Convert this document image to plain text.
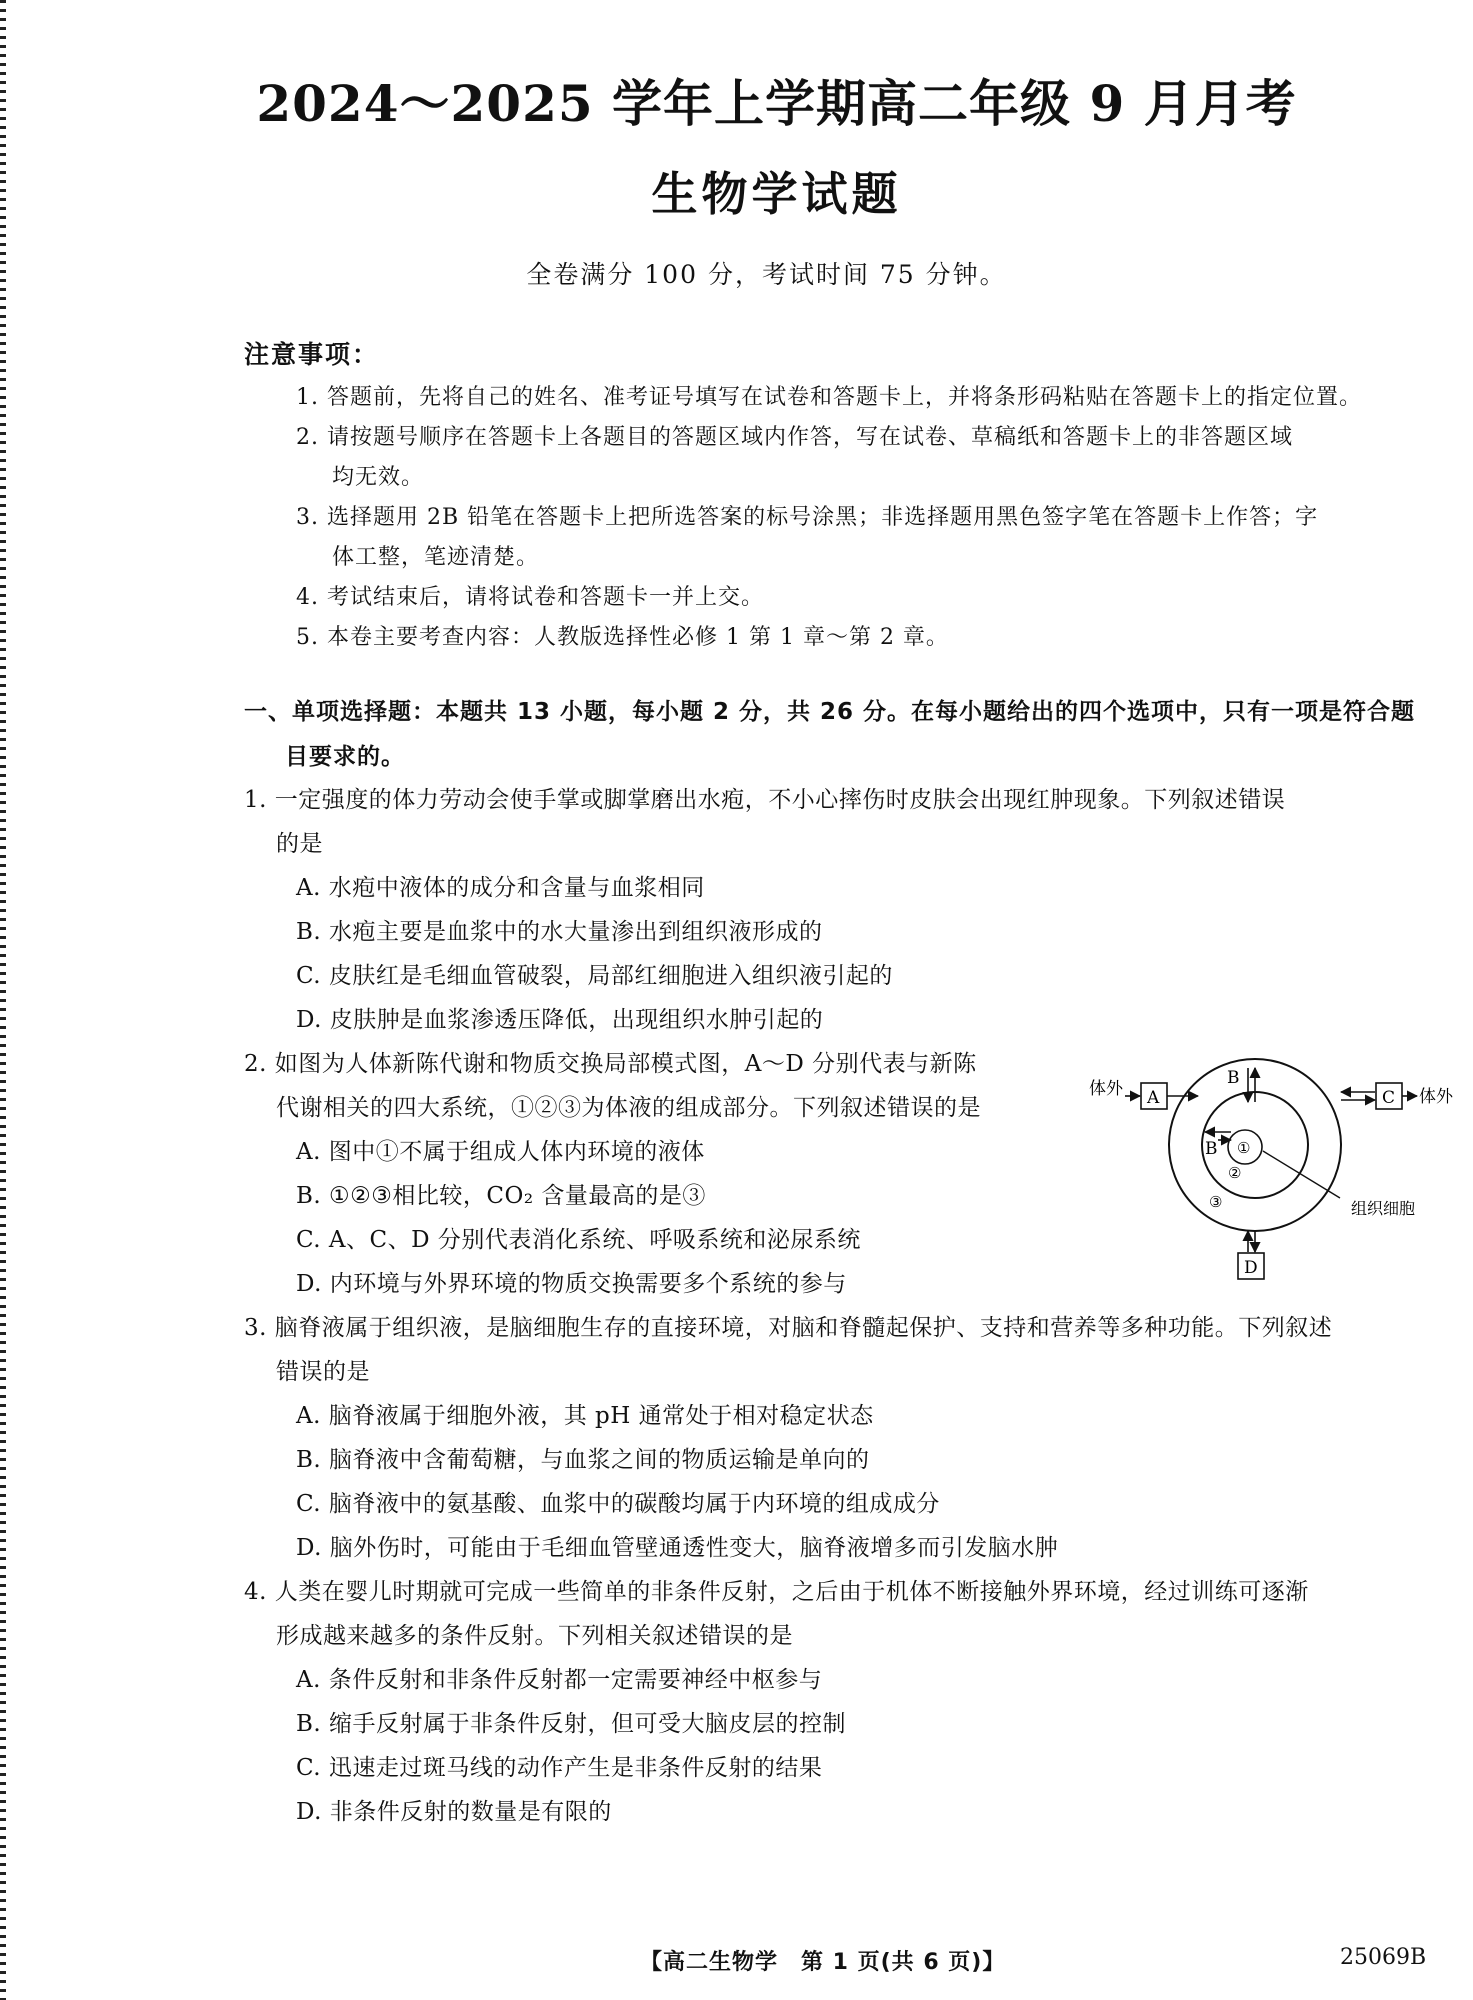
2024～2025 学年上学期高二年级 9 月月考
生物学试题
全卷满分 100 分，考试时间 75 分钟。
注意事项：
1. 答题前，先将自己的姓名、准考证号填写在试卷和答题卡上，并将条形码粘贴在答题卡上的指定位置。
2. 请按题号顺序在答题卡上各题目的答题区域内作答，写在试卷、草稿纸和答题卡上的非答题区域
均无效。
3. 选择题用 2B 铅笔在答题卡上把所选答案的标号涂黑；非选择题用黑色签字笔在答题卡上作答；字
体工整，笔迹清楚。
4. 考试结束后，请将试卷和答题卡一并上交。
5. 本卷主要考查内容：人教版选择性必修 1 第 1 章～第 2 章。
一、单项选择题：本题共 13 小题，每小题 2 分，共 26 分。在每小题给出的四个选项中，只有一项是符合题
目要求的。
1. 一定强度的体力劳动会使手掌或脚掌磨出水疱，不小心摔伤时皮肤会出现红肿现象。下列叙述错误
的是
A. 水疱中液体的成分和含量与血浆相同
B. 水疱主要是血浆中的水大量渗出到组织液形成的
C. 皮肤红是毛细血管破裂，局部红细胞进入组织液引起的
D. 皮肤肿是血浆渗透压降低，出现组织水肿引起的
2. 如图为人体新陈代谢和物质交换局部模式图，A～D 分别代表与新陈
代谢相关的四大系统，①②③为体液的组成部分。下列叙述错误的是
A. 图中①不属于组成人体内环境的液体
B. ①②③相比较，CO₂ 含量最高的是③
C. A、C、D 分别代表消化系统、呼吸系统和泌尿系统
D. 内环境与外界环境的物质交换需要多个系统的参与
体外 A
B
C 体外
B ①
②
③	组织细胞
D
3. 脑脊液属于组织液，是脑细胞生存的直接环境，对脑和脊髓起保护、支持和营养等多种功能。下列叙述
错误的是
A. 脑脊液属于细胞外液，其 pH 通常处于相对稳定状态
B. 脑脊液中含葡萄糖，与血浆之间的物质运输是单向的
C. 脑脊液中的氨基酸、血浆中的碳酸均属于内环境的组成成分
D. 脑外伤时，可能由于毛细血管壁通透性变大，脑脊液增多而引发脑水肿
4. 人类在婴儿时期就可完成一些简单的非条件反射，之后由于机体不断接触外界环境，经过训练可逐渐
形成越来越多的条件反射。下列相关叙述错误的是
A. 条件反射和非条件反射都一定需要神经中枢参与
B. 缩手反射属于非条件反射，但可受大脑皮层的控制
C. 迅速走过斑马线的动作产生是非条件反射的结果
D. 非条件反射的数量是有限的
【高二生物学　第 1 页(共 6 页)】	25069B
